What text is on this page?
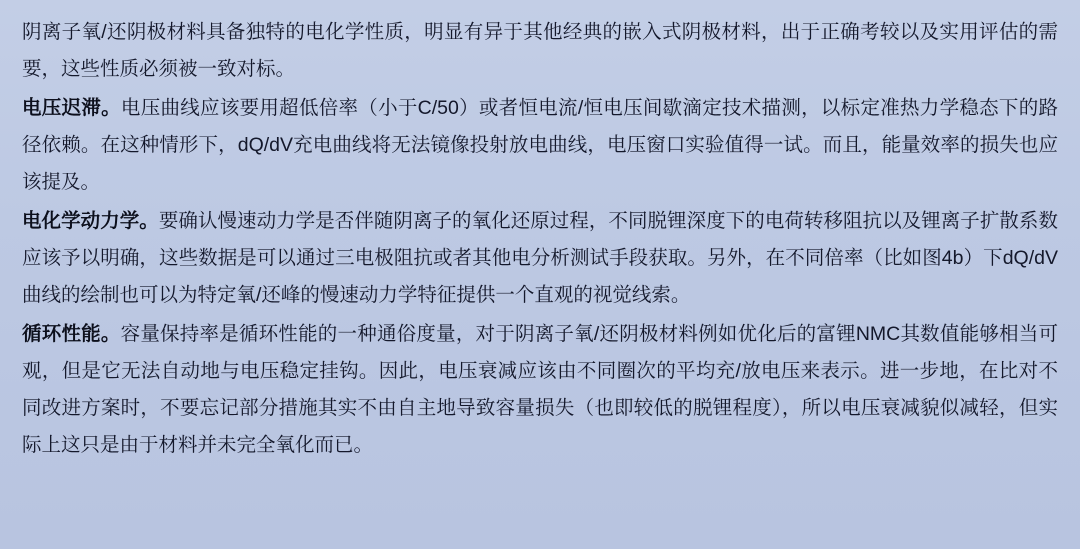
阴离子氧/还阴极材料具备独特的电化学性质，明显有异于其他经典的嵌入式阴极材料，出于正确考较以及实用评估的需要，这些性质必须被一致对标。

电压迟滞。电压曲线应该要用超低倍率（小于C/50）或者恒电流/恒电压间歇滴定技术描测，以标定准热力学稳态下的路径依赖。在这种情形下，dQ/dV充电曲线将无法镜像投射放电曲线，电压窗口实验值得一试。而且，能量效率的损失也应该提及。

电化学动力学。要确认慢速动力学是否伴随阴离子的氧化还原过程，不同脱锂深度下的电荷转移阻抗以及锂离子扩散系数应该予以明确，这些数据是可以通过三电极阻抗或者其他电分析测试手段获取。另外，在不同倍率（比如图4b）下dQ/dV曲线的绘制也可以为特定氧/还峰的慢速动力学特征提供一个直观的视觉线索。

循环性能。容量保持率是循环性能的一种通俗度量，对于阴离子氧/还阴极材料例如优化后的富锂NMC其数值能够相当可观，但是它无法自动地与电压稳定挂钩。因此，电压衰减应该由不同圈次的平均充/放电压来表示。进一步地，在比对不同改进方案时，不要忘记部分措施其实不由自主地导致容量损失（也即较低的脱锂程度），所以电压衰减貌似减轻，但实际上这只是由于材料并未完全氧化而已。
